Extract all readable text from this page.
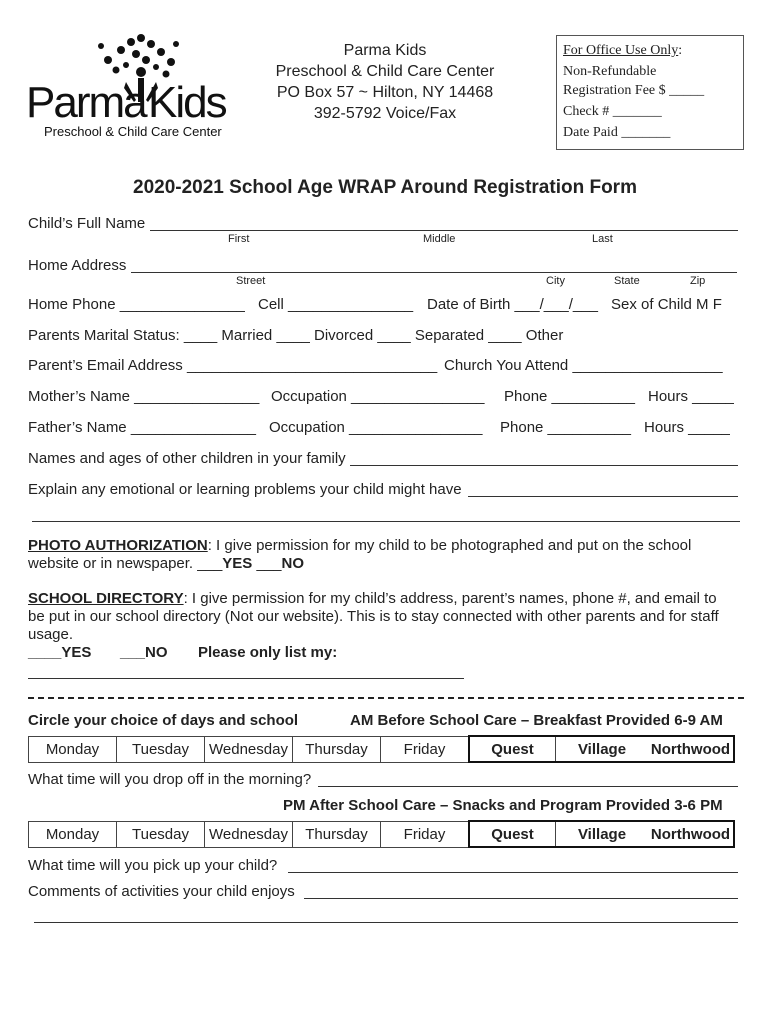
Parma Kids
Preschool & Child Care Center
Parma Kids
Preschool & Child Care Center
PO Box 57 ~ Hilton, NY 14468
392-5792 Voice/Fax
For Office Use Only:
Non-Refundable
Registration Fee $ _____
Check # _______
Date Paid _______
2020-2021 School Age WRAP Around Registration Form
Child’s Full Name
First	Middle	Last
Home Address
Street	City	State	Zip
Home Phone _______________ Cell _______________ Date of Birth ___/___/___ Sex of Child M F
Parents Marital Status: ____ Married ____ Divorced ____ Separated ____ Other
Parent’s Email Address ______________________________ Church You Attend __________________
Mother’s Name _______________ Occupation ________________ Phone __________ Hours _____
Father’s Name _______________ Occupation ________________ Phone __________ Hours _____
Names and ages of other children in your family
Explain any emotional or learning problems your child might have
PHOTO AUTHORIZATION: I give permission for my child to be photographed and put on the school
website or in newspaper. ___YES ___NO
SCHOOL DIRECTORY: I give permission for my child’s address, parent’s names, phone #, and email to
be put in our school directory (Not our website). This is to stay connected with other parents and for staff
usage.
____YES ___NO Please only list my:
Circle your choice of days and school	AM Before School Care – Breakfast Provided 6-9 AM
Monday	Tuesday	Wednesday	Thursday	Friday	Quest	Village	Northwood
What time will you drop off in the morning?
PM After School Care – Snacks and Program Provided 3-6 PM
Monday	Tuesday	Wednesday	Thursday	Friday	Quest	Village	Northwood
What time will you pick up your child?
Comments of activities your child enjoys
